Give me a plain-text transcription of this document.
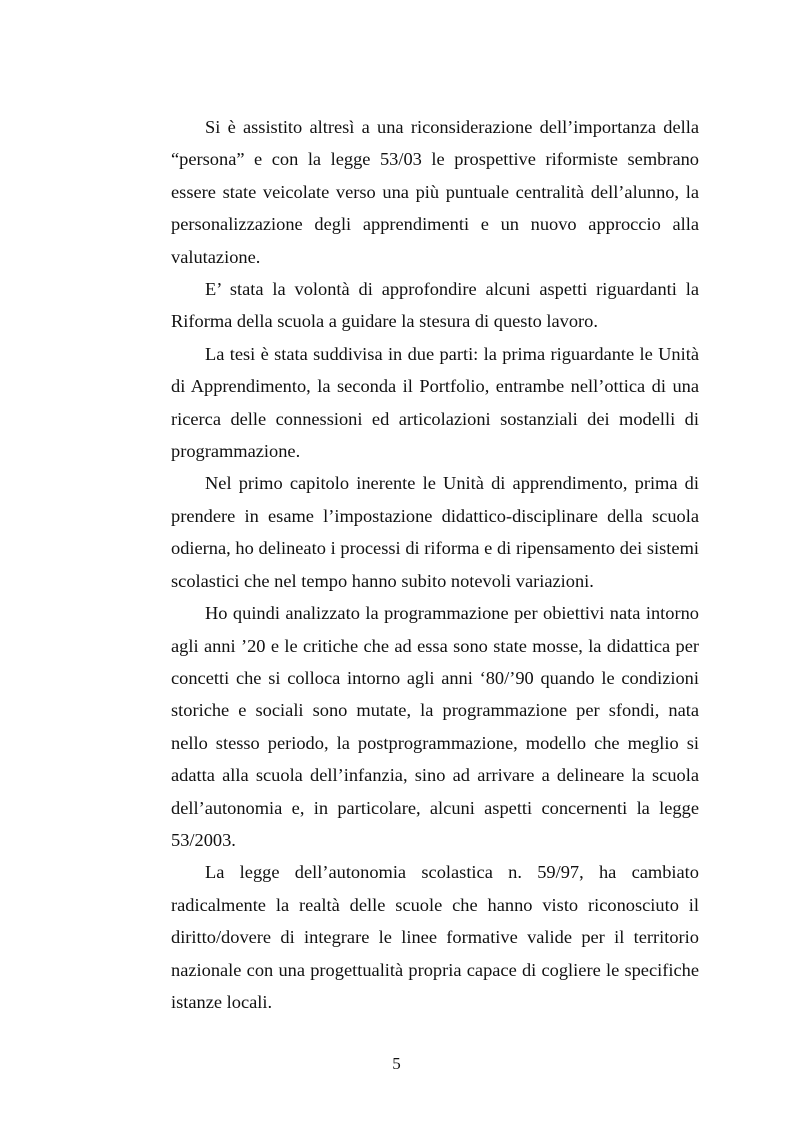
Si è assistito altresì a una riconsiderazione dell’importanza della “persona” e con la legge 53/03 le prospettive riformiste sembrano essere state veicolate verso una più puntuale centralità dell’alunno, la personalizzazione degli apprendimenti e un nuovo approccio alla valutazione.

E’ stata la volontà di approfondire alcuni aspetti riguardanti la Riforma della scuola a guidare la stesura di questo lavoro.

La tesi è stata suddivisa in due parti: la prima riguardante le Unità di Apprendimento, la seconda il Portfolio, entrambe nell’ottica di una ricerca delle connessioni ed articolazioni sostanziali dei modelli di programmazione.

Nel primo capitolo inerente le Unità di apprendimento, prima di prendere in esame l’impostazione didattico-disciplinare della scuola odierna, ho delineato i processi di riforma e di ripensamento dei sistemi scolastici che nel tempo hanno subito notevoli variazioni.

Ho quindi analizzato la programmazione per obiettivi nata intorno agli anni ’20 e le critiche che ad essa sono state mosse, la didattica per concetti che si colloca intorno agli anni ‘80/’90 quando le condizioni storiche e sociali sono mutate, la programmazione per sfondi, nata nello stesso periodo, la postprogrammazione, modello che meglio si adatta alla scuola dell’infanzia, sino ad arrivare a delineare la scuola dell’autonomia e, in particolare, alcuni aspetti concernenti la legge 53/2003.

La legge dell’autonomia scolastica n. 59/97, ha cambiato radicalmente la realtà delle scuole che hanno visto riconosciuto il diritto/dovere di integrare le linee formative valide per il territorio nazionale con una progettualità propria capace di cogliere le specifiche istanze locali.

5
